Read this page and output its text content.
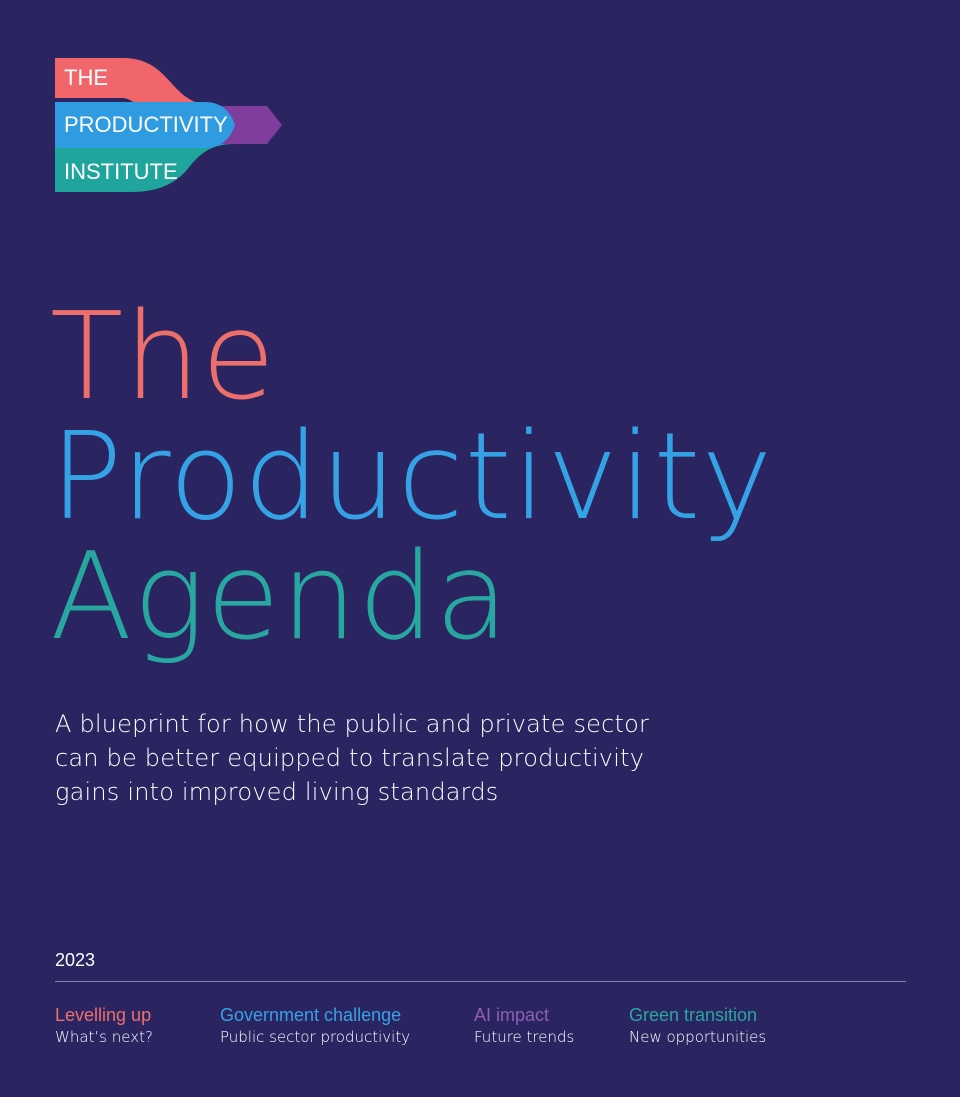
THE
PRODUCTIVITY
INSTITUTE
The
Productivity
Agenda
A blueprint for how the public and private sector can be better equipped to translate productivity gains into improved living standards
2023
Levelling up
What’s next?
Government challenge
Public sector productivity
AI impact
Future trends
Green transition
New opportunities
